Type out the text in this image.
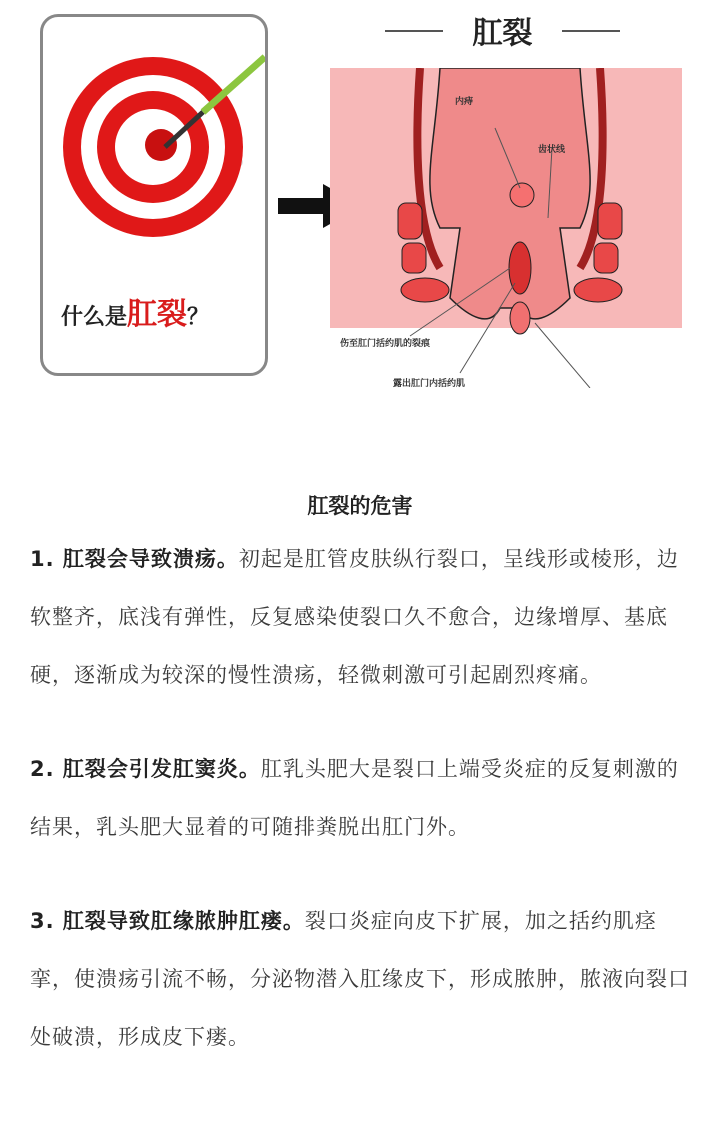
什么是肛裂？
肛裂
内痔
齿状线
伤至肛门括约肌的裂痕
露出肛门内括约肌
肛裂的危害

1. 肛裂会导致溃疡。初起是肛管皮肤纵行裂口，呈线形或棱形，边软整齐，底浅有弹性，反复感染使裂口久不愈合，边缘增厚、基底硬，逐渐成为较深的慢性溃疡，轻微刺激可引起剧烈疼痛。

2. 肛裂会引发肛窦炎。肛乳头肥大是裂口上端受炎症的反复刺激的结果，乳头肥大显着的可随排粪脱出肛门外。

3. 肛裂导致肛缘脓肿肛瘘。裂口炎症向皮下扩展，加之括约肌痉挛，使溃疡引流不畅，分泌物潜入肛缘皮下，形成脓肿，脓液向裂口处破溃，形成皮下瘘。
